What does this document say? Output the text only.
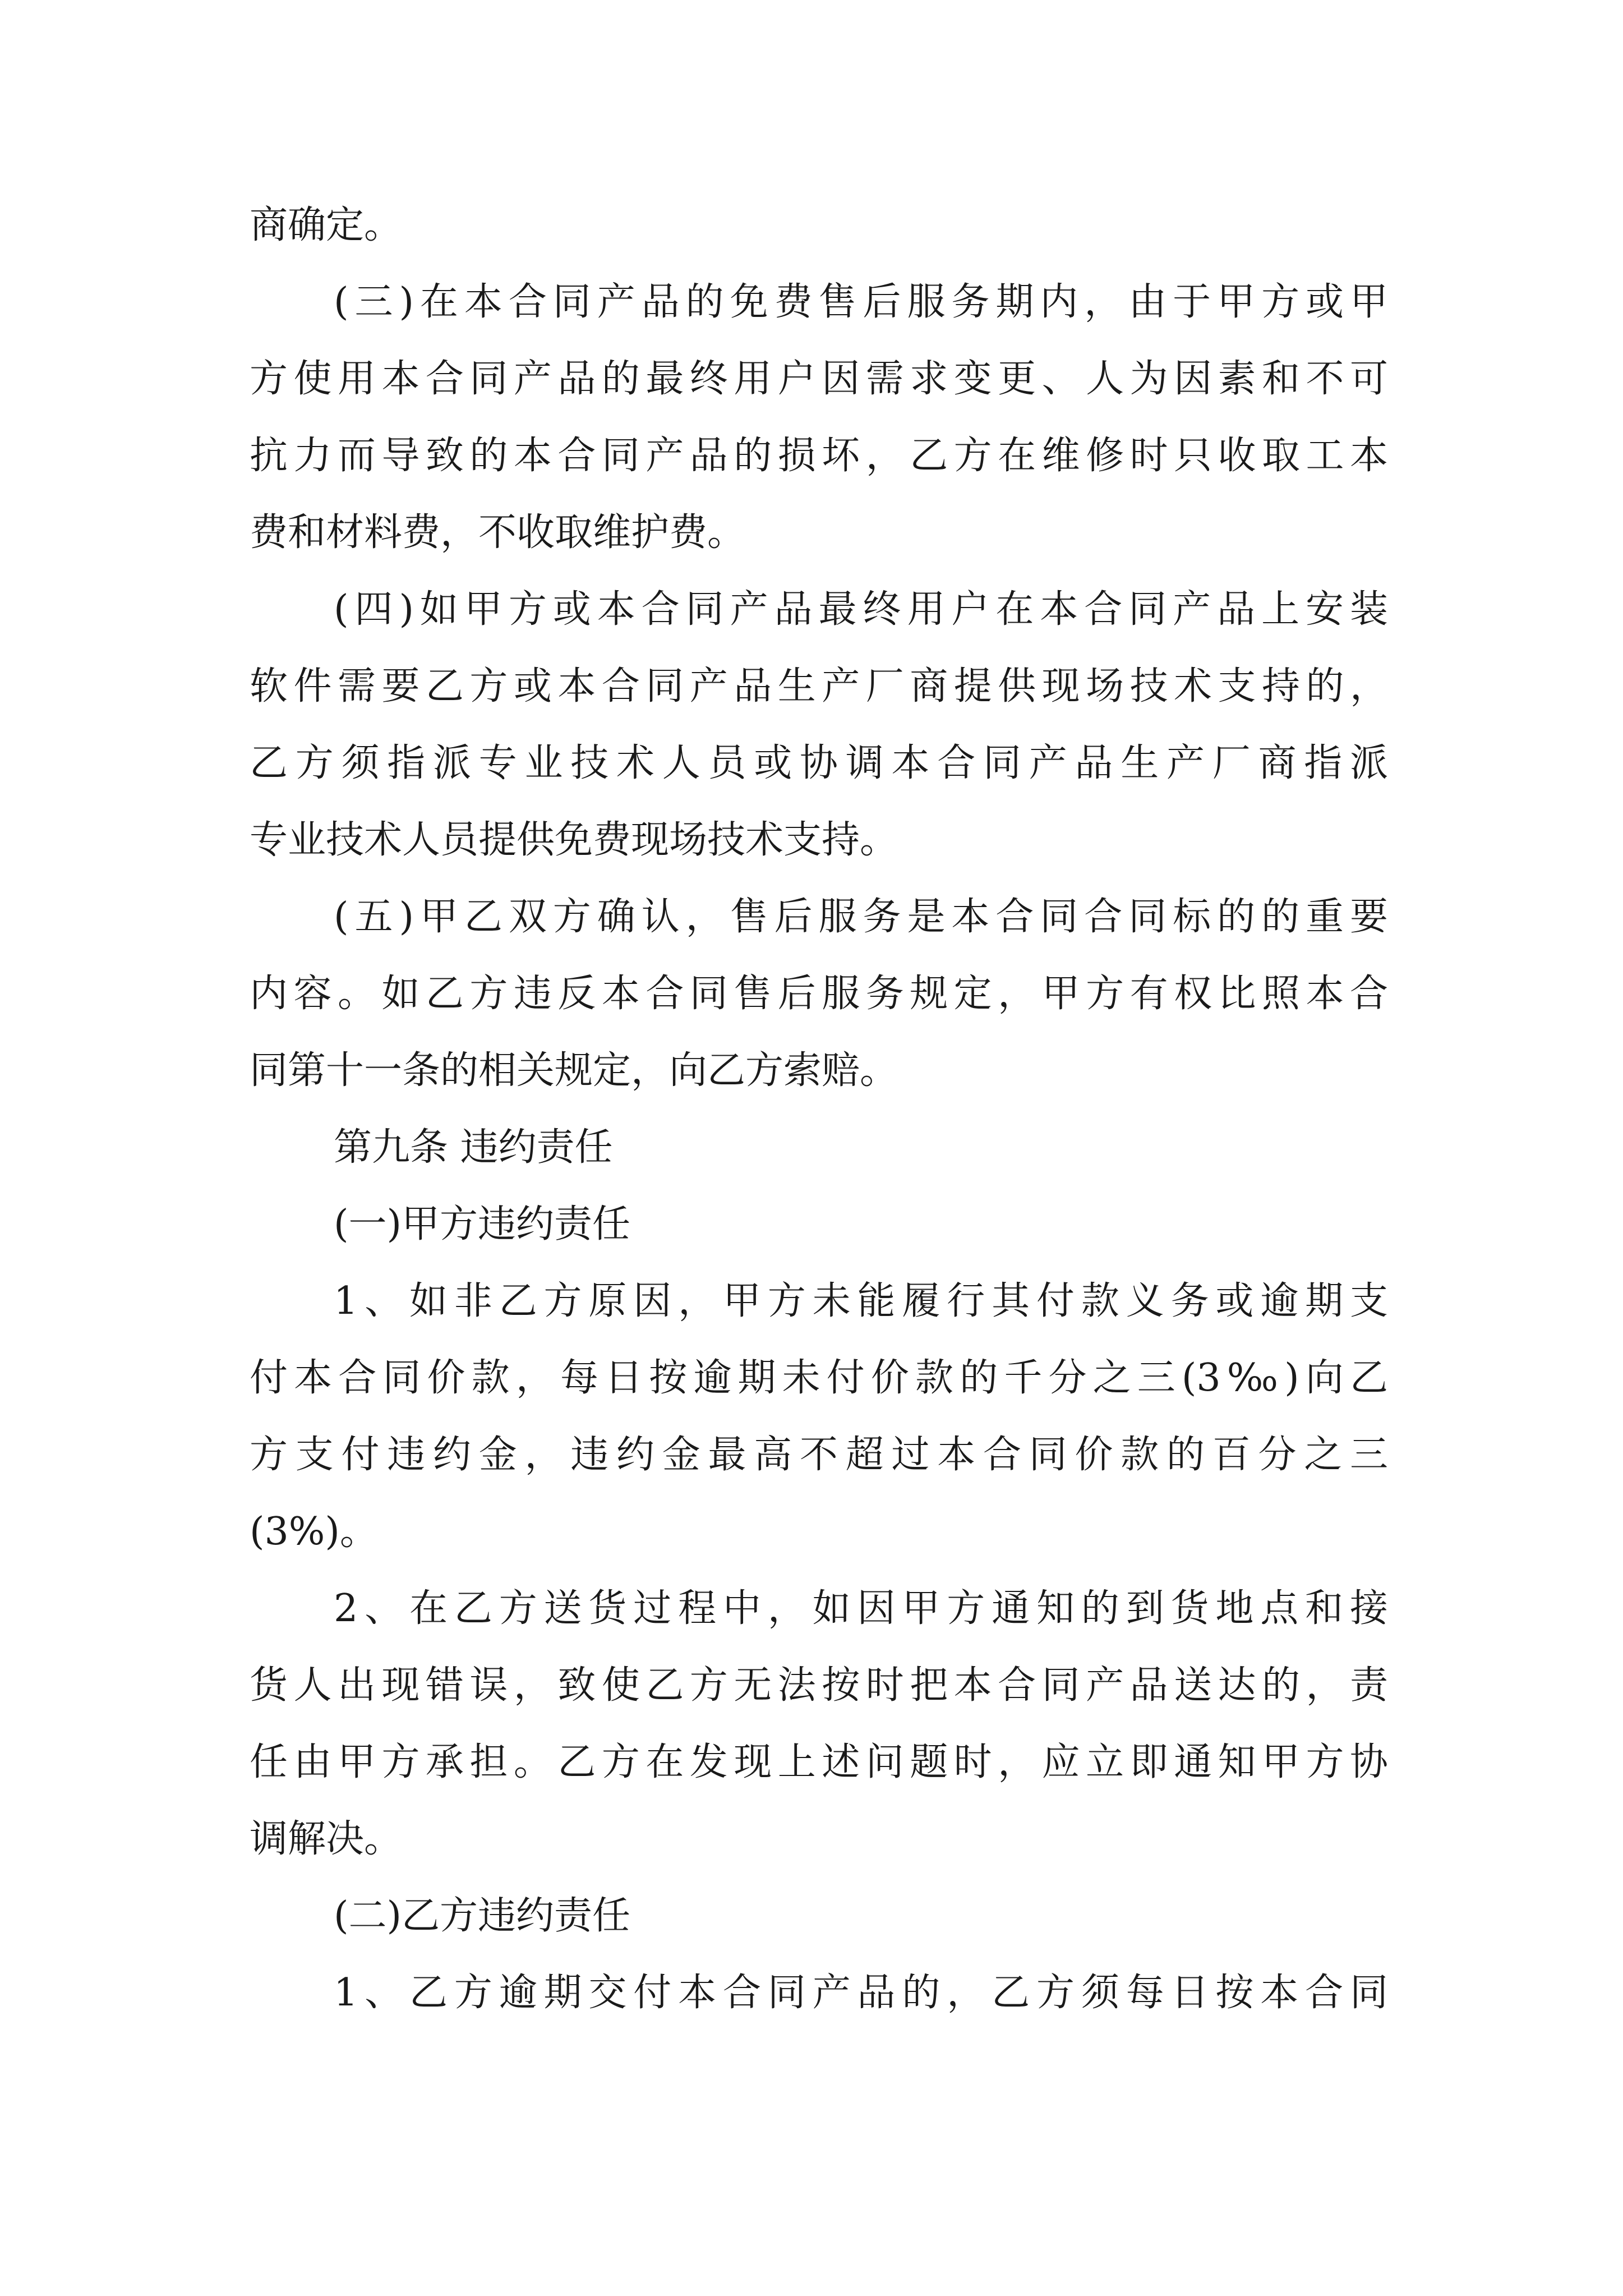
商确定。

(三)在本合同产品的免费售后服务期内，由于甲方或甲
方使用本合同产品的最终用户因需求变更、人为因素和不可
抗力而导致的本合同产品的损坏，乙方在维修时只收取工本
费和材料费，不收取维护费。

(四)如甲方或本合同产品最终用户在本合同产品上安装
软件需要乙方或本合同产品生产厂商提供现场技术支持的，
乙方须指派专业技术人员或协调本合同产品生产厂商指派
专业技术人员提供免费现场技术支持。

(五)甲乙双方确认，售后服务是本合同合同标的的重要
内容。如乙方违反本合同售后服务规定，甲方有权比照本合
同第十一条的相关规定，向乙方索赔。

第九条 违约责任

(一)甲方违约责任

1、如非乙方原因，甲方未能履行其付款义务或逾期支
付本合同价款，每日按逾期未付价款的千分之三(3‰)向乙
方支付违约金，违约金最高不超过本合同价款的百分之三
(3%)。

2、在乙方送货过程中，如因甲方通知的到货地点和接
货人出现错误，致使乙方无法按时把本合同产品送达的，责
任由甲方承担。乙方在发现上述问题时，应立即通知甲方协
调解决。

(二)乙方违约责任

1、乙方逾期交付本合同产品的，乙方须每日按本合同
